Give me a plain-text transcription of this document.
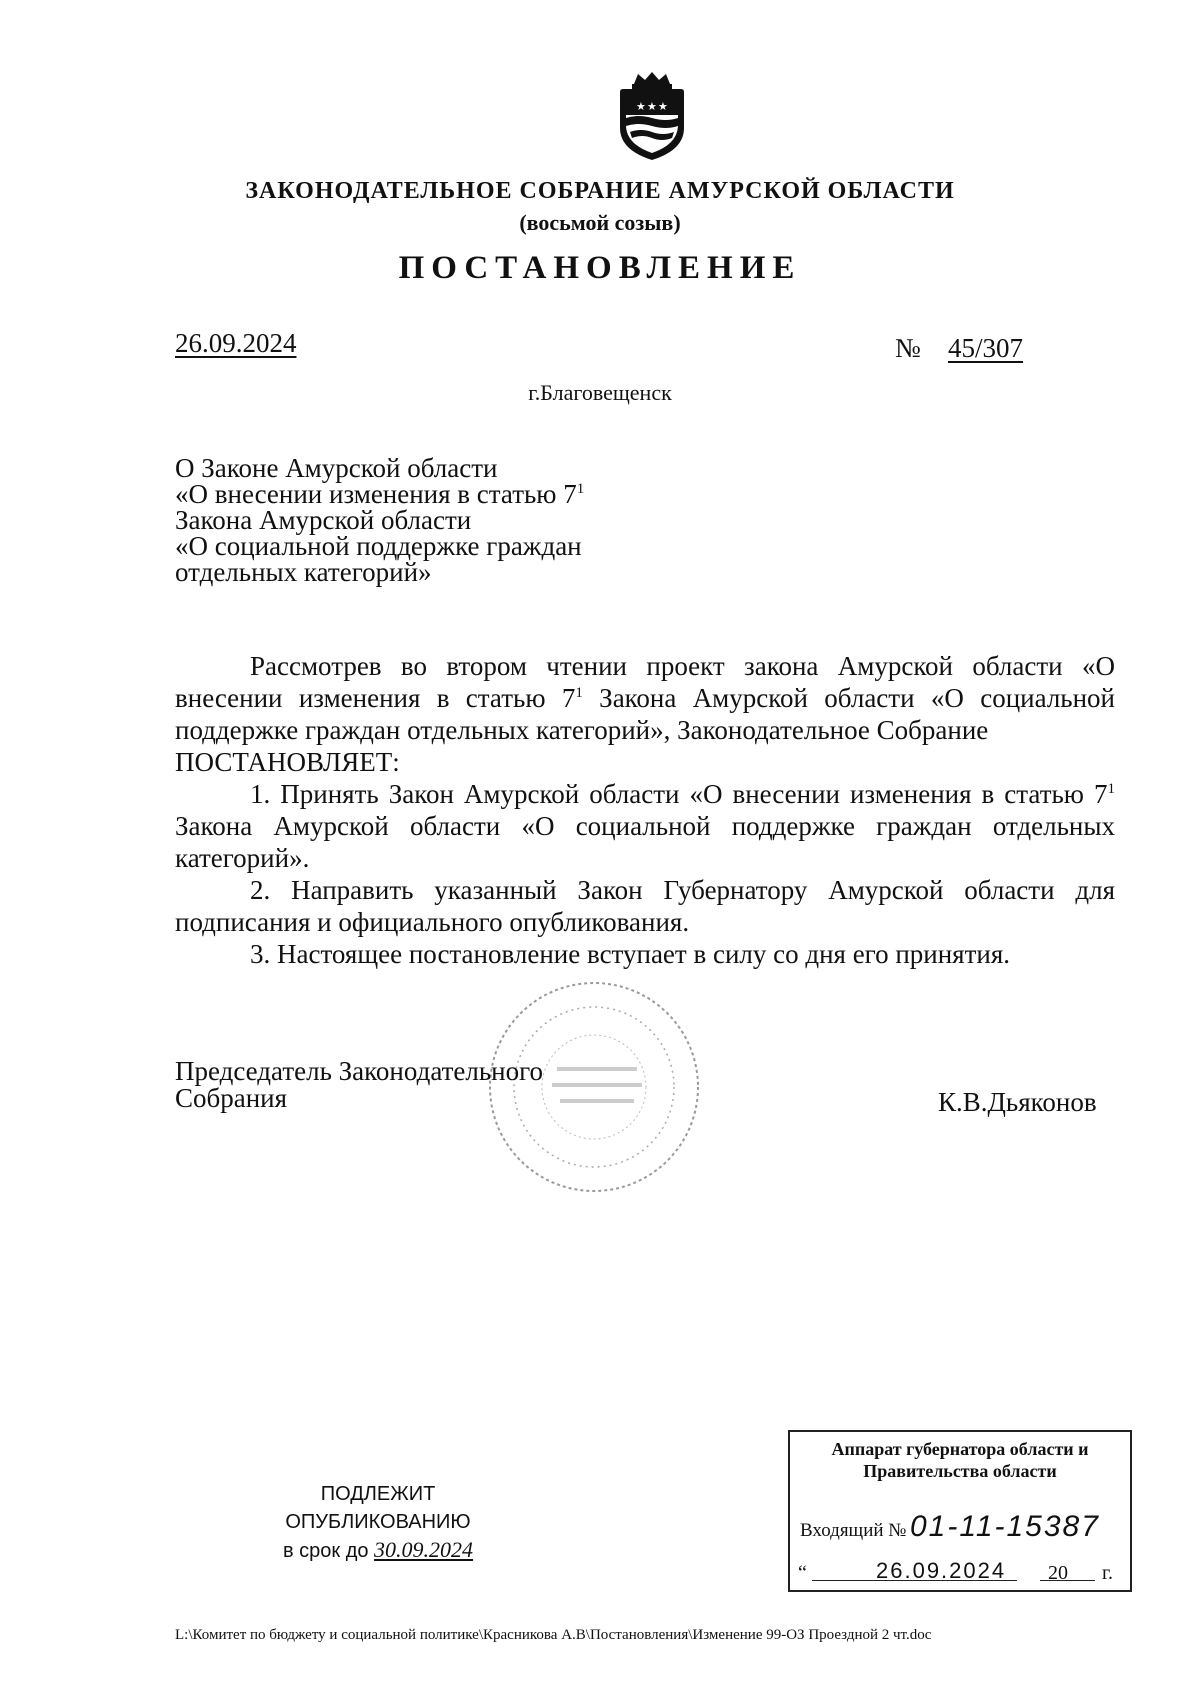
★ ★ ★
ЗАКОНОДАТЕЛЬНОЕ СОБРАНИЕ АМУРСКОЙ ОБЛАСТИ
(восьмой созыв)
ПОСТАНОВЛЕНИЕ
26.09.2024	№ 45/307
г.Благовещенск
О Законе Амурской области
«О внесении изменения в статью $7^1$
Закона Амурской области
«О социальной поддержке граждан
отдельных категорий»

Рассмотрев во втором чтении проект закона Амурской области «О внесении изменения в статью $7^1$ Закона Амурской области «О социальной поддержке граждан отдельных категорий», Законодательное Собрание

ПОСТАНОВЛЯЕТ:

1. Принять Закон Амурской области «О внесении изменения в статью $7^1$ Закона Амурской области «О социальной поддержке граждан отдельных категорий».

2. Направить указанный Закон Губернатору Амурской области для подписания и официального опубликования.

3. Настоящее постановление вступает в силу со дня его принятия.

Председатель Законодательного
Собрания	К.В.Дьяконов
ПОДЛЕЖИТ
ОПУБЛИКОВАНИЮ
в срок до 30.09.2024
Аппарат губернатора области и
Правительства области
Входящий № 01-11-15387
“	26.09.2024 20 г.
L:\Комитет по бюджету и социальной политике\Красникова А.В\Постановления\Изменение 99-ОЗ Проездной 2 чт.doc
